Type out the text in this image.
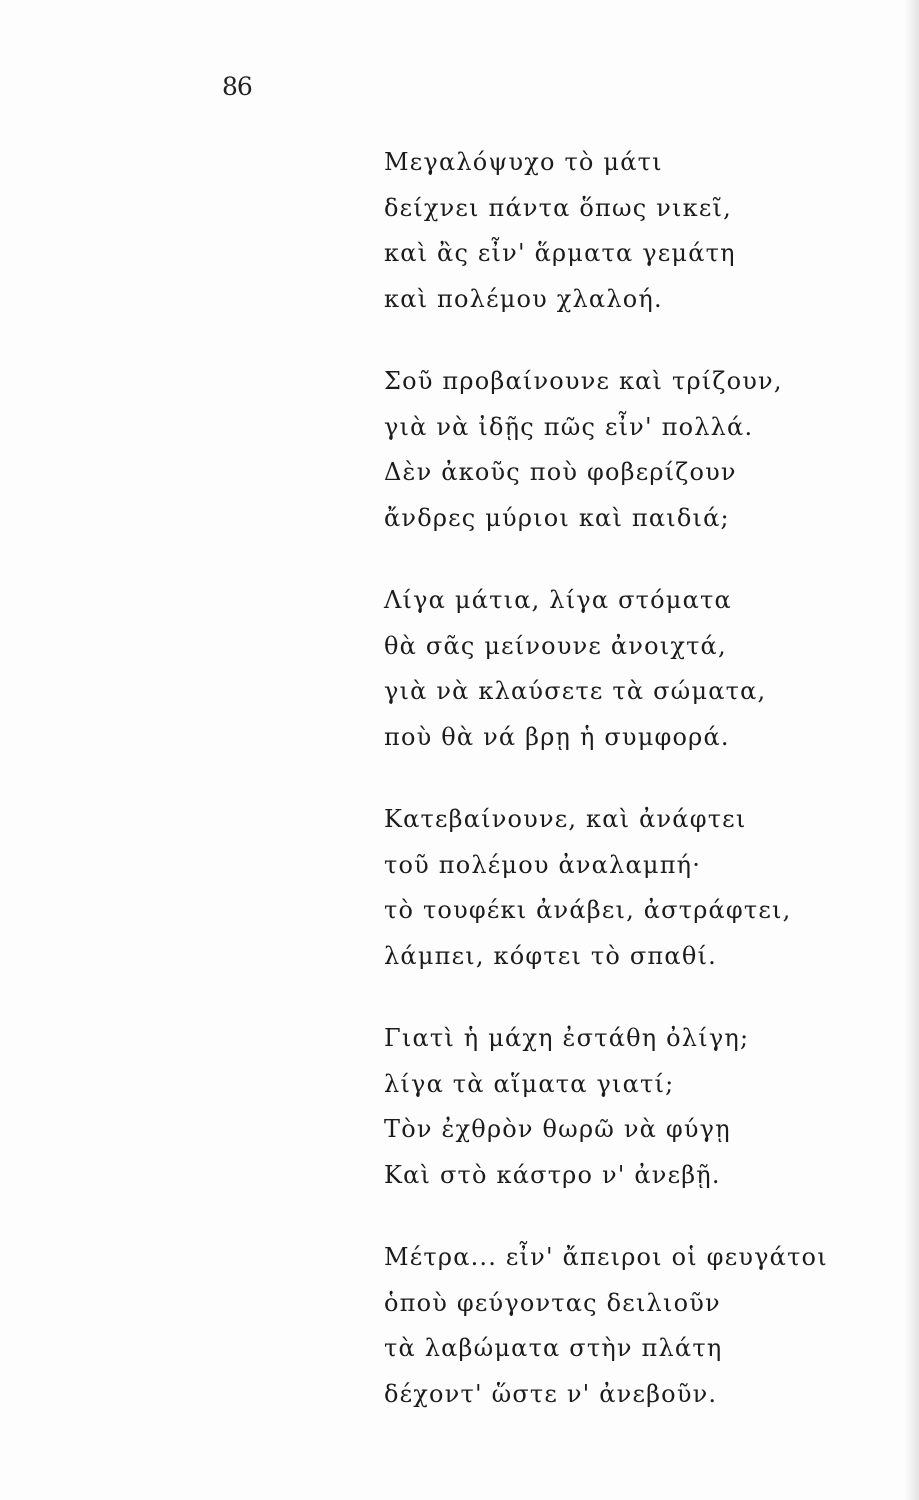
86
Μεγαλόψυχο τὸ μάτι
δείχνει πάντα ὅπως νικεῖ,
καὶ ἂς εἶν' ἅρματα γεμάτη
καὶ πολέμου χλαλοή.
Σοῦ προβαίνουνε καὶ τρίζουν,
γιὰ νὰ ἰδῇς πῶς εἶν' πολλά.
Δὲν ἀκοῦς ποὺ φοβερίζουν
ἄνδρες μύριοι καὶ παιδιά;
Λίγα μάτια, λίγα στόματα
θὰ σᾶς μείνουνε ἀνοιχτά,
γιὰ νὰ κλαύσετε τὰ σώματα,
ποὺ θὰ νά βρῃ ἡ συμφορά.
Κατεβαίνουνε, καὶ ἀνάφτει
τοῦ πολέμου ἀναλαμπή·
τὸ τουφέκι ἀνάβει, ἀστράφτει,
λάμπει, κόφτει τὸ σπαθί.
Γιατὶ ἡ μάχη ἐστάθη ὀλίγη;
λίγα τὰ αἵματα γιατί;
Τὸν ἐχθρὸν θωρῶ νὰ φύγῃ
Καὶ στὸ κάστρο ν' ἀνεβῇ.
Μέτρα... εἶν' ἄπειροι οἱ φευγάτοι
ὁποὺ φεύγοντας δειλιοῦν
τὰ λαβώματα στὴν πλάτη
δέχοντ' ὥστε ν' ἀνεβοῦν.
